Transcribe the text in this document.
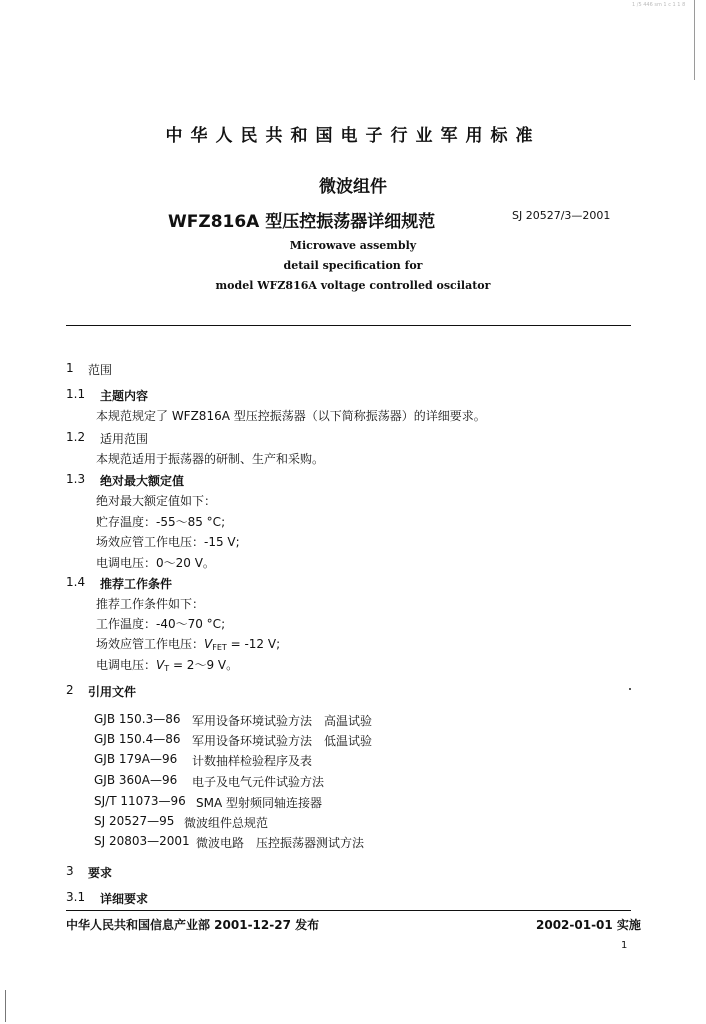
1 /5 446 sm 1 c 1 1 8
中华人民共和国电子行业军用标准
微波组件
WFZ816A 型压控振荡器详细规范	SJ 20527/3—2001
Microwave assembly
detail specification for
model WFZ816A voltage controlled oscilator
1 范围
1.1 主题内容
本规范规定了 WFZ816A 型压控振荡器（以下简称振荡器）的详细要求。
1.2 适用范围
本规范适用于振荡器的研制、生产和采购。
1.3 绝对最大额定值
绝对最大额定值如下：
贮存温度：-55～85 °C;
场效应管工作电压：-15 V;
电调电压：0～20 V。
1.4 推荐工作条件
推荐工作条件如下：
工作温度：-40～70 °C;
场效应管工作电压：$V_{FET} = -12$ V;
电调电压：$V_T$ = 2～9 V。
2 引用文件
GJB 150.3—86 军用设备环境试验方法　高温试验
GJB 150.4—86 军用设备环境试验方法　低温试验
GJB 179A—96 计数抽样检验程序及表
GJB 360A—96 电子及电气元件试验方法
SJ/T 11073—96 SMA 型射频同轴连接器
SJ 20527—95 微波组件总规范
SJ 20803—2001 微波电路　压控振荡器测试方法
3 要求
3.1 详细要求
中华人民共和国信息产业部 2001-12-27 发布	2002-01-01 实施
1
